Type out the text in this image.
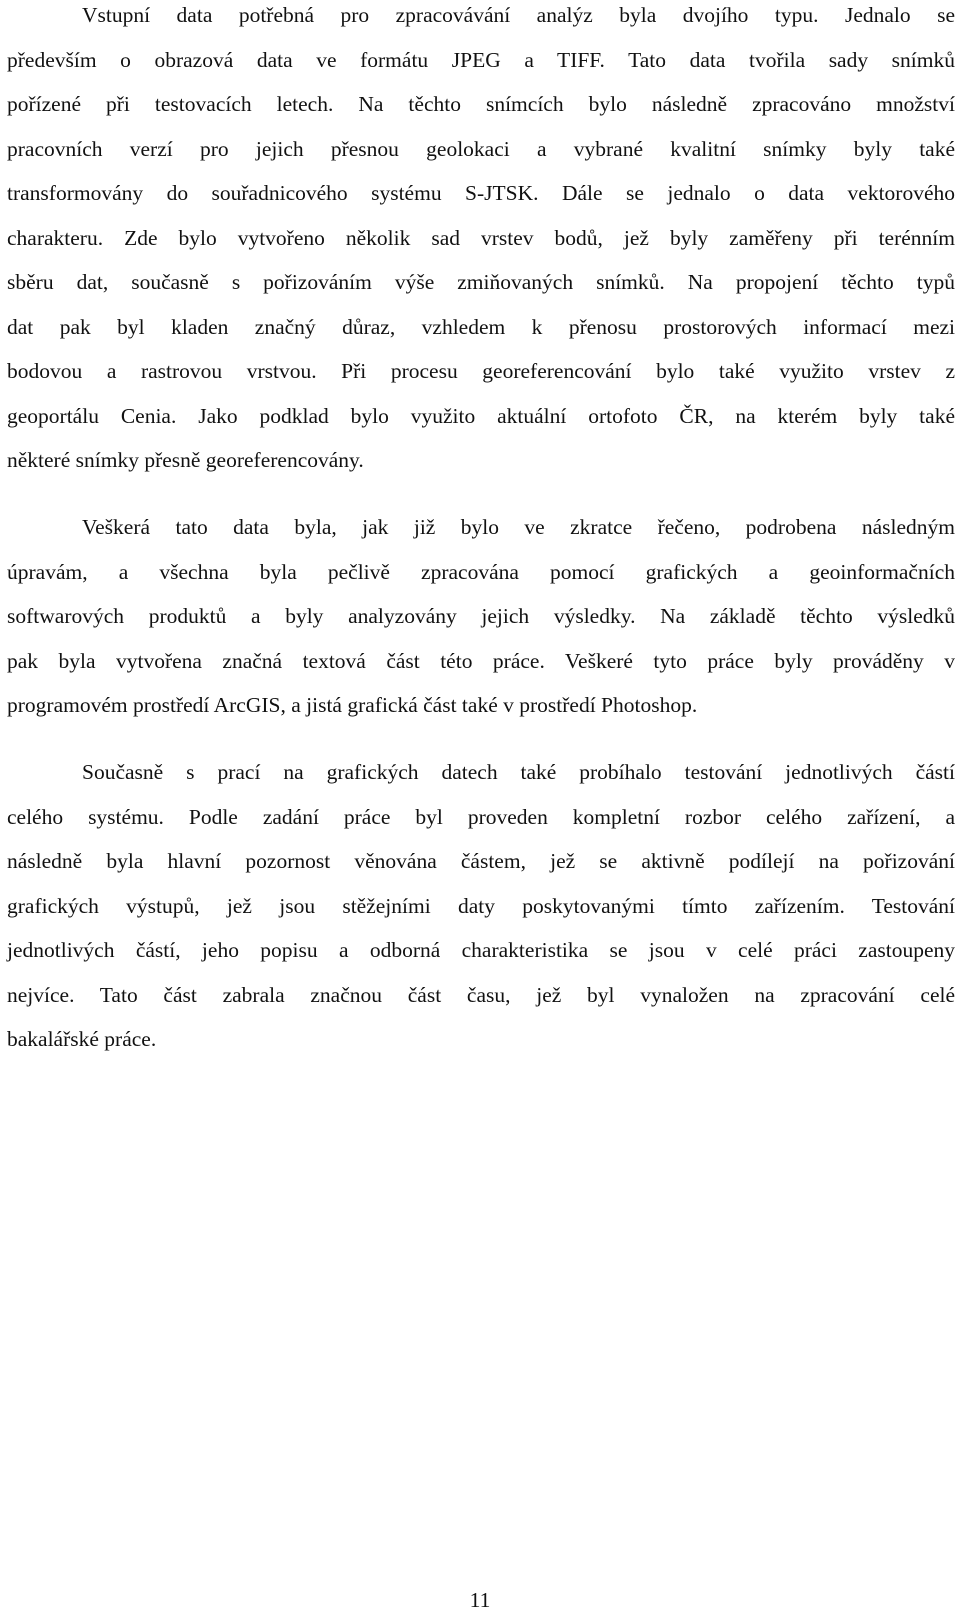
Vstupní data potřebná pro zpracovávání analýz byla dvojího typu. Jednalo se
především o obrazová data ve formátu JPEG a TIFF. Tato data tvořila sady snímků
pořízené při testovacích letech. Na těchto snímcích bylo následně zpracováno množství
pracovních verzí pro jejich přesnou geolokaci a vybrané kvalitní snímky byly také
transformovány do souřadnicového systému S-JTSK. Dále se jednalo o data vektorového
charakteru. Zde bylo vytvořeno několik sad vrstev bodů, jež byly zaměřeny při terénním
sběru dat, současně s pořizováním výše zmiňovaných snímků. Na propojení těchto typů
dat pak byl kladen značný důraz, vzhledem k přenosu prostorových informací mezi
bodovou a rastrovou vrstvou. Při procesu georeferencování bylo také využito vrstev z
geoportálu Cenia. Jako podklad bylo využito aktuální ortofoto ČR, na kterém byly také
některé snímky přesně georeferencovány.
Veškerá tato data byla, jak již bylo ve zkratce řečeno, podrobena následným
úpravám, a všechna byla pečlivě zpracována pomocí grafických a geoinformačních
softwarových produktů a byly analyzovány jejich výsledky. Na základě těchto výsledků
pak byla vytvořena značná textová část této práce. Veškeré tyto práce byly prováděny v
programovém prostředí ArcGIS, a jistá grafická část také v prostředí Photoshop.
Současně s prací na grafických datech také probíhalo testování jednotlivých částí
celého systému. Podle zadání práce byl proveden kompletní rozbor celého zařízení, a
následně byla hlavní pozornost věnována částem, jež se aktivně podílejí na pořizování
grafických výstupů, jež jsou stěžejními daty poskytovanými tímto zařízením. Testování
jednotlivých částí, jeho popisu a odborná charakteristika se jsou v celé práci zastoupeny
nejvíce. Tato část zabrala značnou část času, jež byl vynaložen na zpracování celé
bakalářské práce.
11
